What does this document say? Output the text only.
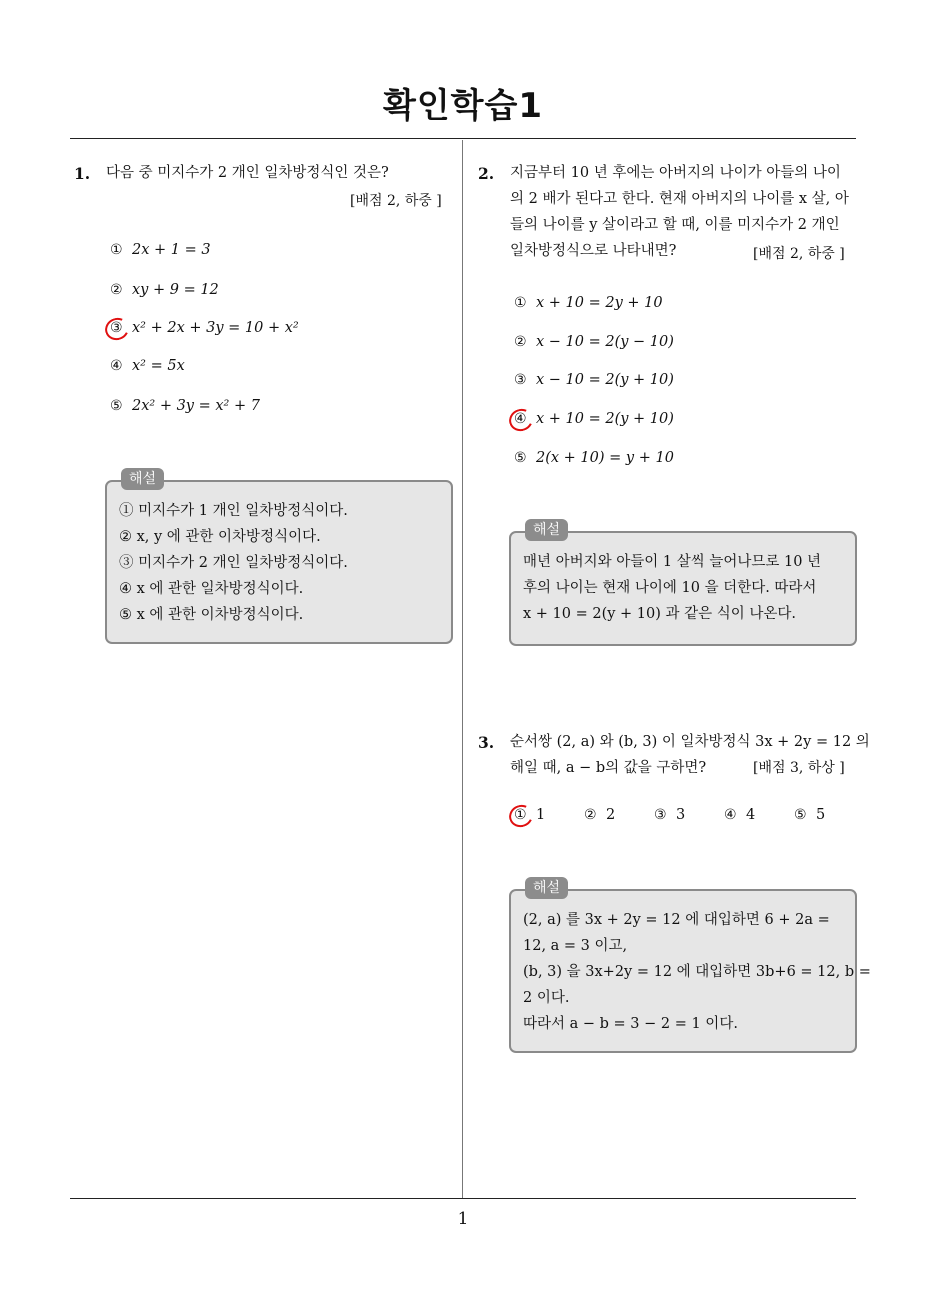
확인학습1
1. 다음 중 미지수가 2 개인 일차방정식인 것은?
[배점 2, 하중 ]
① 2x + 1 = 3
② xy + 9 = 12
③ x² + 2x + 3y = 10 + x²
④ x² = 5x
⑤ 2x² + 3y = x² + 7
해설
① 미지수가 1 개인 일차방정식이다.
② x, y 에 관한 이차방정식이다.
③ 미지수가 2 개인 일차방정식이다.
④ x 에 관한 일차방정식이다.
⑤ x 에 관한 이차방정식이다.
2. 지금부터 10 년 후에는 아버지의 나이가 아들의 나이
의 2 배가 된다고 한다. 현재 아버지의 나이를 x 살, 아
들의 나이를 y 살이라고 할 때, 이를 미지수가 2 개인
일차방정식으로 나타내면?	[배점 2, 하중 ]
① x + 10 = 2y + 10
② x − 10 = 2(y − 10)
③ x − 10 = 2(y + 10)
④ x + 10 = 2(y + 10)
⑤ 2(x + 10) = y + 10
해설
매년 아버지와 아들이 1 살씩 늘어나므로 10 년
후의 나이는 현재 나이에 10 을 더한다. 따라서
x + 10 = 2(y + 10) 과 같은 식이 나온다.
3. 순서쌍 (2, a) 와 (b, 3) 이 일차방정식 3x + 2y = 12 의
해일 때, a − b의 값을 구하면?	[배점 3, 하상 ]
① 1	② 2	③ 3	④ 4	⑤ 5
해설
(2, a) 를 3x + 2y = 12 에 대입하면 6 + 2a =
12, a = 3 이고,
(b, 3) 을 3x+2y = 12 에 대입하면 3b+6 = 12, b =
2 이다.
따라서 a − b = 3 − 2 = 1 이다.
1
